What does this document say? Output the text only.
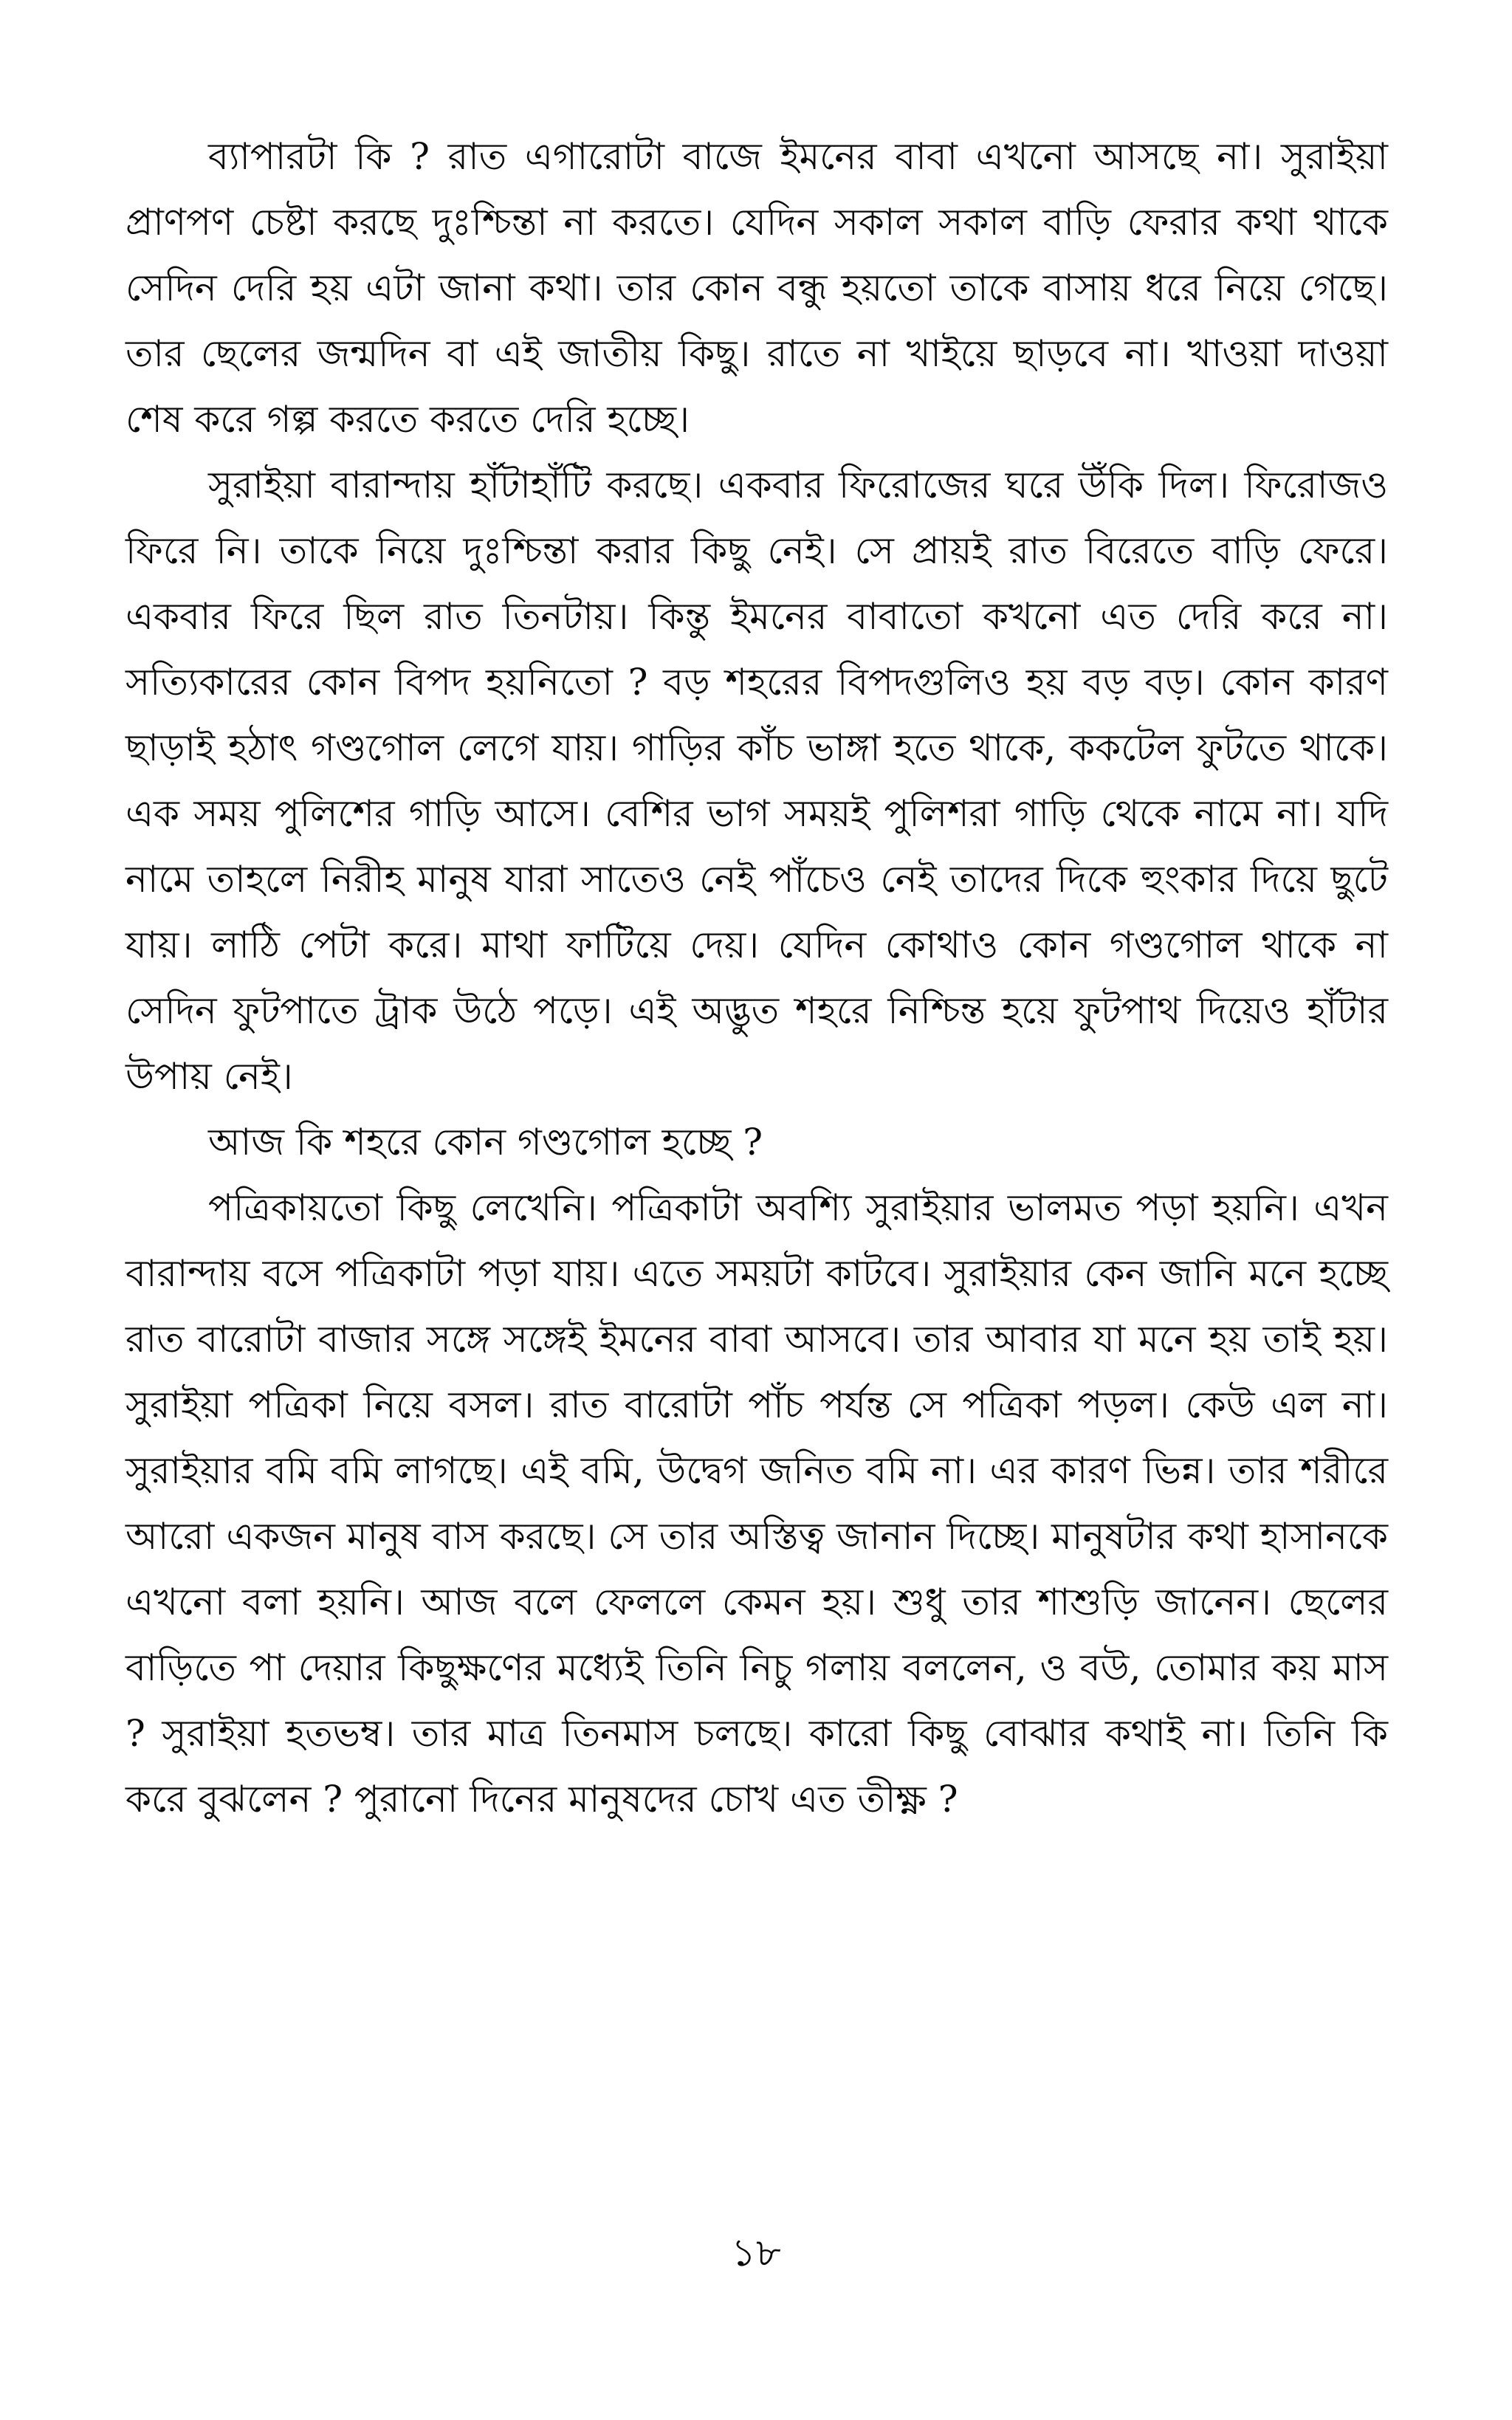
ব্যাপারটা কি ? রাত এগারোটা বাজে ইমনের বাবা এখনো আসছে না। সুরাইয়া প্রাণপণ চেষ্টা করছে দুঃশ্চিন্তা না করতে। যেদিন সকাল সকাল বাড়ি ফেরার কথা থাকে সেদিন দেরি হয় এটা জানা কথা। তার কোন বন্ধু হয়তো তাকে বাসায় ধরে নিয়ে গেছে। তার ছেলের জন্মদিন বা এই জাতীয় কিছু। রাতে না খাইয়ে ছাড়বে না। খাওয়া দাওয়া শেষ করে গল্প করতে করতে দেরি হচ্ছে।

সুরাইয়া বারান্দায় হাঁটাহাঁটি করছে। একবার ফিরোজের ঘরে উঁকি দিল। ফিরোজও ফিরে নি। তাকে নিয়ে দুঃশ্চিন্তা করার কিছু নেই। সে প্রায়ই রাত বিরেতে বাড়ি ফেরে। একবার ফিরে ছিল রাত তিনটায়। কিন্তু ইমনের বাবাতো কখনো এত দেরি করে না। সত্যিকারের কোন বিপদ হয়নিতো ? বড় শহরের বিপদগুলিও হয় বড় বড়। কোন কারণ ছাড়াই হঠাৎ গণ্ডগোল লেগে যায়। গাড়ির কাঁচ ভাঙ্গা হতে থাকে, ককটেল ফুটতে থাকে। এক সময় পুলিশের গাড়ি আসে। বেশির ভাগ সময়ই পুলিশরা গাড়ি থেকে নামে না। যদি নামে তাহলে নিরীহ মানুষ যারা সাতেও নেই পাঁচেও নেই তাদের দিকে হুংকার দিয়ে ছুটে যায়। লাঠি পেটা করে। মাথা ফাটিয়ে দেয়। যেদিন কোথাও কোন গণ্ডগোল থাকে না সেদিন ফুটপাতে ট্রাক উঠে পড়ে। এই অদ্ভুত শহরে নিশ্চিন্ত হয়ে ফুটপাথ দিয়েও হাঁটার উপায় নেই।

আজ কি শহরে কোন গণ্ডগোল হচ্ছে ?

পত্রিকায়তো কিছু লেখেনি। পত্রিকাটা অবশ্যি সুরাইয়ার ভালমত পড়া হয়নি। এখন বারান্দায় বসে পত্রিকাটা পড়া যায়। এতে সময়টা কাটবে। সুরাইয়ার কেন জানি মনে হচ্ছে রাত বারোটা বাজার সঙ্গে সঙ্গেই ইমনের বাবা আসবে। তার আবার যা মনে হয় তাই হয়। সুরাইয়া পত্রিকা নিয়ে বসল। রাত বারোটা পাঁচ পর্যন্ত সে পত্রিকা পড়ল। কেউ এল না। সুরাইয়ার বমি বমি লাগছে। এই বমি, উদ্বেগ জনিত বমি না। এর কারণ ভিন্ন। তার শরীরে আরো একজন মানুষ বাস করছে। সে তার অস্তিত্ব জানান দিচ্ছে। মানুষটার কথা হাসানকে এখনো বলা হয়নি। আজ বলে ফেললে কেমন হয়। শুধু তার শাশুড়ি জানেন। ছেলের বাড়িতে পা দেয়ার কিছুক্ষণের মধ্যেই তিনি নিচু গলায় বললেন, ও বউ, তোমার কয় মাস ? সুরাইয়া হতভম্ব। তার মাত্র তিনমাস চলছে। কারো কিছু বোঝার কথাই না। তিনি কি করে বুঝলেন ? পুরানো দিনের মানুষদের চোখ এত তীক্ষ্ণ ?

১৮
